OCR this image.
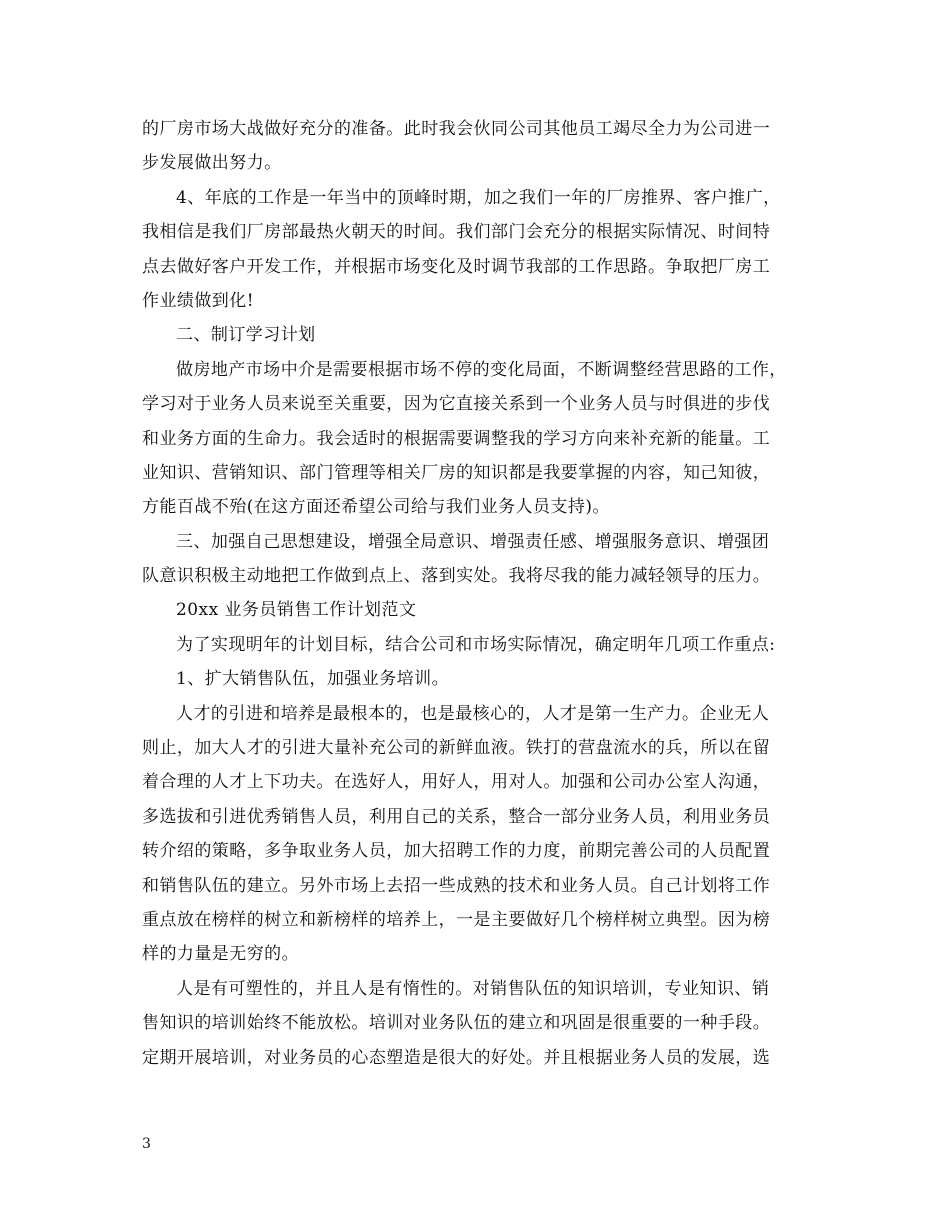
的厂房市场大战做好充分的准备。此时我会伙同公司其他员工竭尽全力为公司进一
步发展做出努力。
4、年底的工作是一年当中的顶峰时期，加之我们一年的厂房推界、客户推广，
我相信是我们厂房部最热火朝天的时间。我们部门会充分的根据实际情况、时间特
点去做好客户开发工作，并根据市场变化及时调节我部的工作思路。争取把厂房工
作业绩做到化!
二、制订学习计划
做房地产市场中介是需要根据市场不停的变化局面，不断调整经营思路的工作，
学习对于业务人员来说至关重要，因为它直接关系到一个业务人员与时俱进的步伐
和业务方面的生命力。我会适时的根据需要调整我的学习方向来补充新的能量。工
业知识、营销知识、部门管理等相关厂房的知识都是我要掌握的内容，知己知彼，
方能百战不殆(在这方面还希望公司给与我们业务人员支持)。
三、加强自己思想建设，增强全局意识、增强责任感、增强服务意识、增强团
队意识积极主动地把工作做到点上、落到实处。我将尽我的能力减轻领导的压力。
20xx 业务员销售工作计划范文
为了实现明年的计划目标，结合公司和市场实际情况，确定明年几项工作重点:
1、扩大销售队伍，加强业务培训。
人才的引进和培养是最根本的，也是最核心的，人才是第一生产力。企业无人
则止，加大人才的引进大量补充公司的新鲜血液。铁打的营盘流水的兵，所以在留
着合理的人才上下功夫。在选好人，用好人，用对人。加强和公司办公室人沟通，
多选拔和引进优秀销售人员，利用自己的关系，整合一部分业务人员，利用业务员
转介绍的策略，多争取业务人员，加大招聘工作的力度，前期完善公司的人员配置
和销售队伍的建立。另外市场上去招一些成熟的技术和业务人员。自己计划将工作
重点放在榜样的树立和新榜样的培养上，一是主要做好几个榜样树立典型。因为榜
样的力量是无穷的。
人是有可塑性的，并且人是有惰性的。对销售队伍的知识培训，专业知识、销
售知识的培训始终不能放松。培训对业务队伍的建立和巩固是很重要的一种手段。
定期开展培训，对业务员的心态塑造是很大的好处。并且根据业务人员的发展，选
3
